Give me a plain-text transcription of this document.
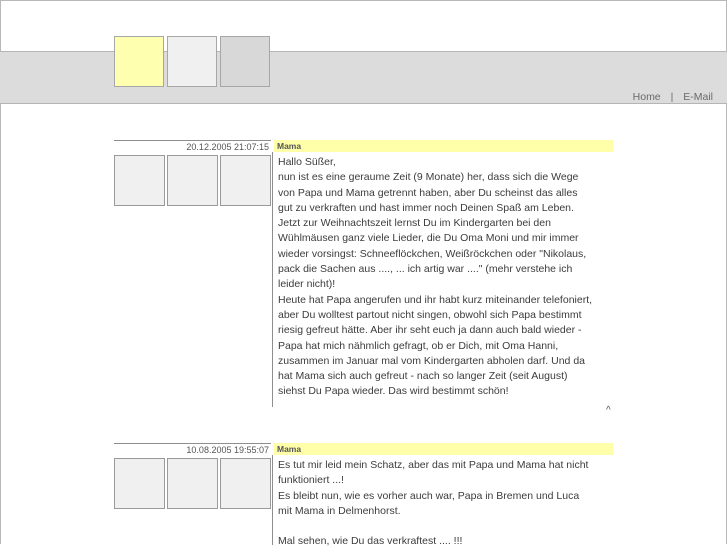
Home | E-Mail
20.12.2005 21:07:15 Mama

Hallo Süßer,

nun ist es eine geraume Zeit (9 Monate) her, dass sich die Wege

von Papa und Mama getrennt haben, aber Du scheinst das alles

gut zu verkraften und hast immer noch Deinen Spaß am Leben.

Jetzt zur Weihnachtszeit lernst Du im Kindergarten bei den

Wühlmäusen ganz viele Lieder, die Du Oma Moni und mir immer

wieder vorsingst: Schneeflöckchen, Weißröckchen oder "Nikolaus,

pack die Sachen aus ...., ... ich artig war ...." (mehr verstehe ich

leider nicht)!

Heute hat Papa angerufen und ihr habt kurz miteinander telefoniert,

aber Du wolltest partout nicht singen, obwohl sich Papa bestimmt

riesig gefreut hätte. Aber ihr seht euch ja dann auch bald wieder -

Papa hat mich nähmlich gefragt, ob er Dich, mit Oma Hanni,

zusammen im Januar mal vom Kindergarten abholen darf. Und da

hat Mama sich auch gefreut - nach so langer Zeit (seit August)

siehst Du Papa wieder. Das wird bestimmt schön!

^
10.08.2005 19:55:07 Mama

Es tut mir leid mein Schatz, aber das mit Papa und Mama hat nicht

funktioniert ...!

Es bleibt nun, wie es vorher auch war, Papa in Bremen und Luca

mit Mama in Delmenhorst.

Mal sehen, wie Du das verkraftest .... !!!
